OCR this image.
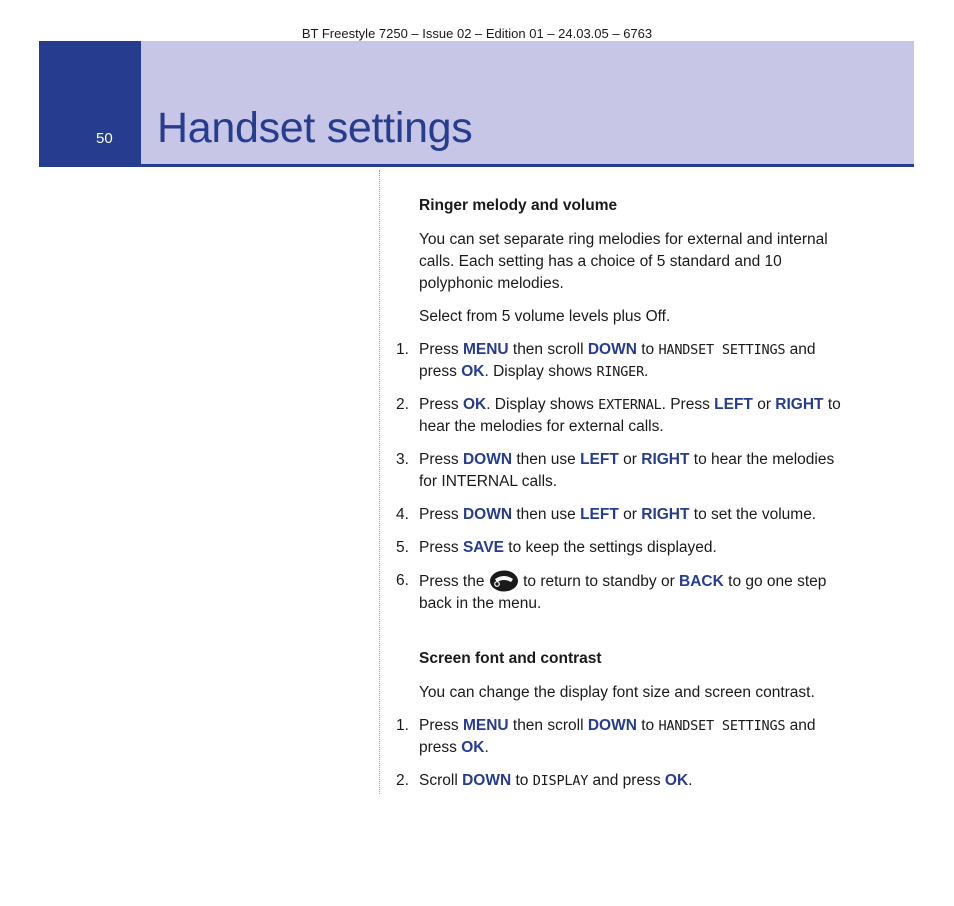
BT Freestyle 7250 – Issue 02 – Edition 01 – 24.03.05 – 6763
50 Handset settings
Ringer melody and volume

You can set separate ring melodies for external and internal calls. Each setting has a choice of 5 standard and 10 polyphonic melodies.

Select from 5 volume levels plus Off.

1. Press MENU then scroll DOWN to HANDSET SETTINGS and press OK. Display shows RINGER.
2. Press OK. Display shows EXTERNAL. Press LEFT or RIGHT to hear the melodies for external calls.
3. Press DOWN then use LEFT or RIGHT to hear the melodies for INTERNAL calls.
4. Press DOWN then use LEFT or RIGHT to set the volume.
5. Press SAVE to keep the settings displayed.
6. Press the  to return to standby or BACK to go one step back in the menu.
Screen font and contrast

You can change the display font size and screen contrast.

1. Press MENU then scroll DOWN to HANDSET SETTINGS and press OK.
2. Scroll DOWN to DISPLAY and press OK.
